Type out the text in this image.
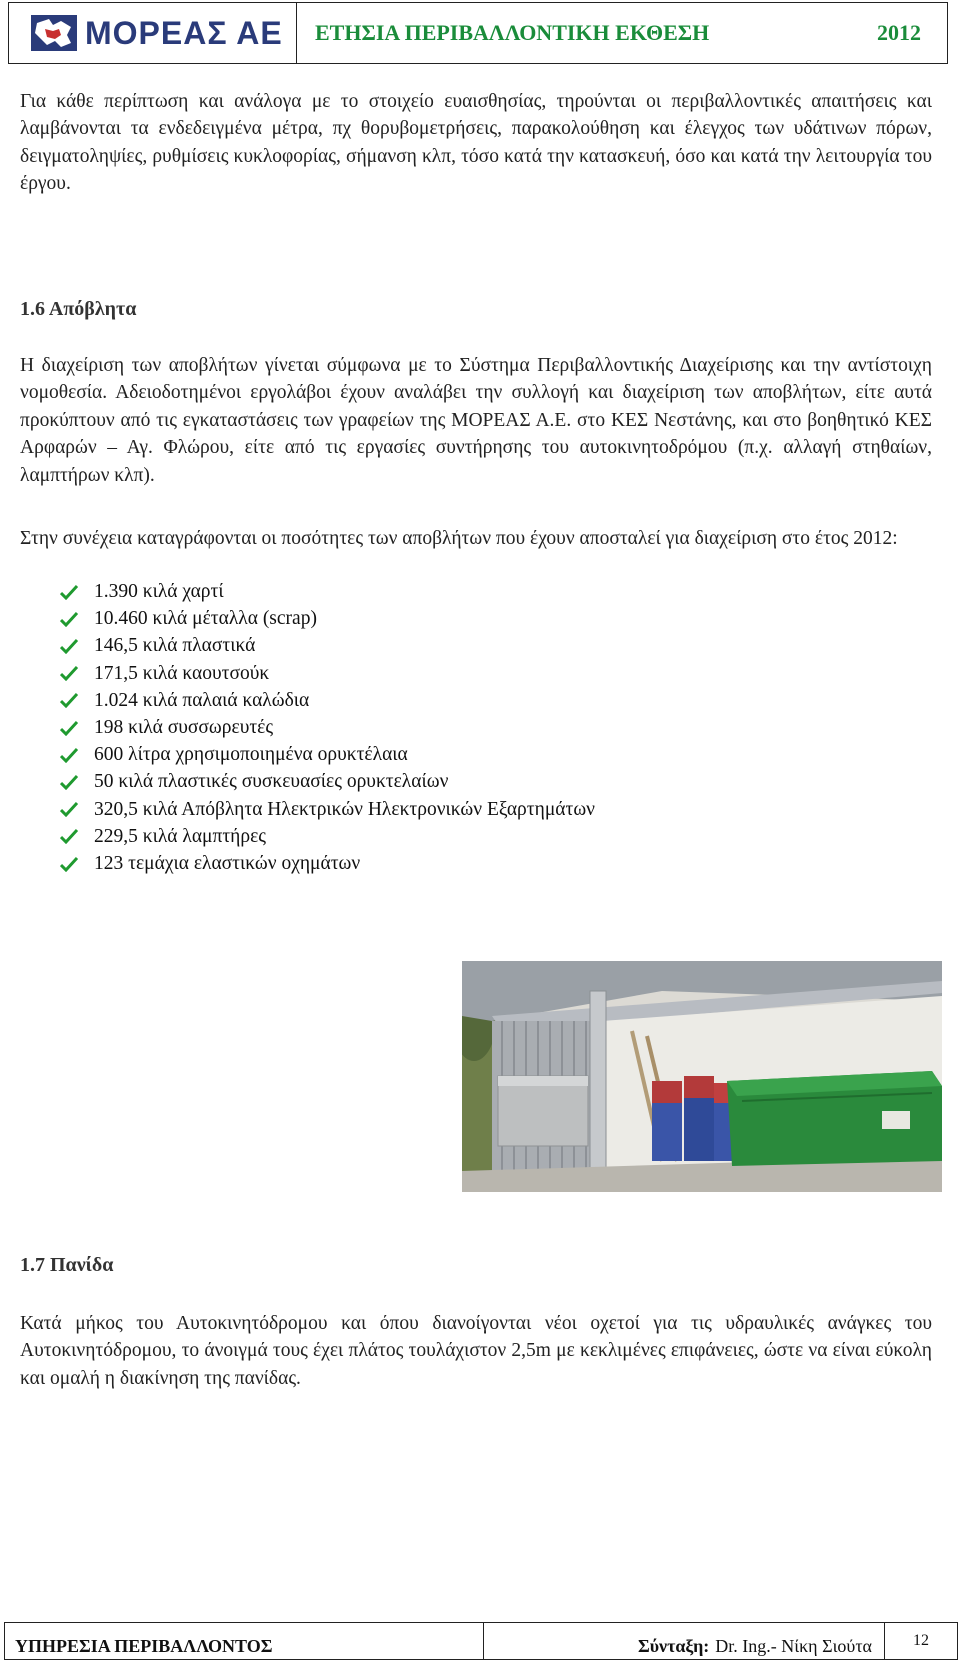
ΜΟΡΕΑΣ ΑΕ	ΕΤΗΣΙΑ ΠΕΡΙΒΑΛΛΟΝΤΙΚΗ ΕΚΘΕΣΗ	2012

Για κάθε περίπτωση και ανάλογα με το στοιχείο ευαισθησίας, τηρούνται οι περιβαλλοντικές απαιτήσεις και λαμβάνονται τα ενδεδειγμένα μέτρα, πχ θορυβομετρήσεις, παρακολούθηση και έλεγχος των υδάτινων πόρων, δειγματοληψίες, ρυθμίσεις κυκλοφορίας, σήμανση κλπ, τόσο κατά την κατασκευή, όσο και κατά την λειτουργία του έργου.

1.6 Απόβλητα

Η διαχείριση των αποβλήτων γίνεται σύμφωνα με το Σύστημα Περιβαλλοντικής Διαχείρισης και την αντίστοιχη νομοθεσία. Αδειοδοτημένοι εργολάβοι έχουν αναλάβει την συλλογή και διαχείριση των αποβλήτων, είτε αυτά προκύπτουν από τις εγκαταστάσεις των γραφείων της ΜΟΡΕΑΣ Α.Ε. στο ΚΕΣ Νεστάνης, και στο βοηθητικό ΚΕΣ Αρφαρών – Αγ. Φλώρου, είτε από τις εργασίες συντήρησης του αυτοκινητοδρόμου (π.χ. αλλαγή στηθαίων, λαμπτήρων κλπ).

Στην συνέχεια καταγράφονται οι ποσότητες των αποβλήτων που έχουν αποσταλεί για διαχείριση στο έτος 2012:

1.390 κιλά χαρτί
10.460 κιλά μέταλλα (scrap)
146,5 κιλά πλαστικά
171,5 κιλά καουτσούκ
1.024 κιλά παλαιά καλώδια
198 κιλά συσσωρευτές
600 λίτρα χρησιμοποιημένα ορυκτέλαια
50 κιλά πλαστικές συσκευασίες ορυκτελαίων
320,5 κιλά Απόβλητα Ηλεκτρικών Ηλεκτρονικών Εξαρτημάτων
229,5 κιλά λαμπτήρες
123 τεμάχια ελαστικών οχημάτων
1.7 Πανίδα

Κατά μήκος του Αυτοκινητόδρομου και όπου διανοίγονται νέοι οχετοί για τις υδραυλικές ανάγκες του Αυτοκινητόδρομου, το άνοιγμά τους έχει πλάτος τουλάχιστον 2,5m με κεκλιμένες επιφάνειες, ώστε να είναι εύκολη και ομαλή η διακίνηση της πανίδας.

ΥΠΗΡΕΣΙΑ ΠΕΡΙΒΑΛΛΟΝΤΟΣ	Σύνταξη: Dr. Ing.- Νίκη Σιούτα	12
